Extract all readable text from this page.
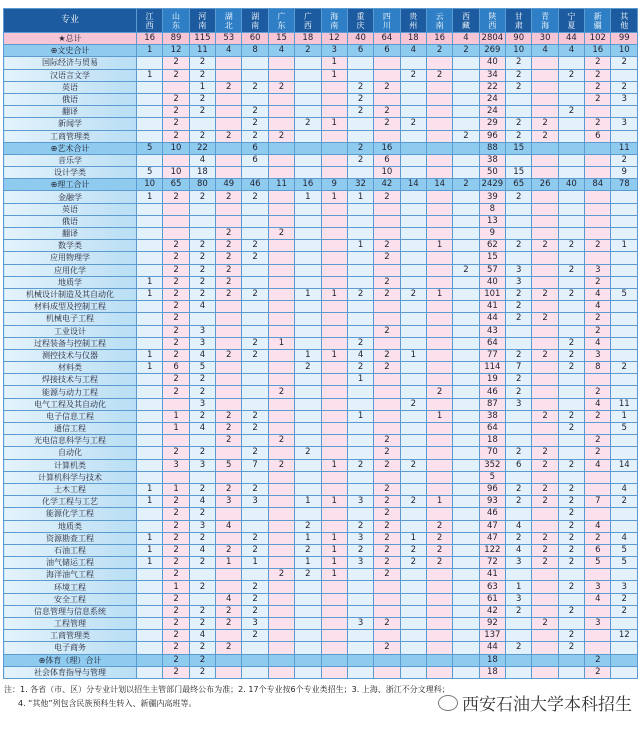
专业	江西	山东	河南	湖北	湖南	广东	广西	海南	重庆	四川	贵州	云南	西藏	陕西	甘肃	青海	宁夏	新疆	其他
★总计	16	89	115	53	60	15	18	12	40	64	18	16	4	2804	90	30	44	102	99
⊕文史合计	1	12	11	4	8	4	2	3	6	6	4	2	2	269	10	4	4	16	10
国际经济与贸易		2	2					1						40	2			2	2
汉语言文学	1	2	2					1			2	2		34	2		2	2	
英语			1	2	2	2			2	2				22	2			2	2
俄语		2	2						2					24				2	3
翻译		2	2		2				2	2				24			2		
新闻学		2			2		2	1		2	2			29	2	2		2	3
工商管理类		2	2	2	2	2							2	96	2	2		6	
⊕艺术合计	5	10	22		6				2	16				88	15				11
音乐学			4		6				2	6				38					2
设计学类	5	10	18							10				50	15				9
⊕理工合计	10	65	80	49	46	11	16	9	32	42	14	14	2	2429	65	26	40	84	78
金融学	1	2	2	2	2		1	1	1	2				39	2				
英语														8					
俄语														13					
翻译				2		2								9					
数学类		2	2	2	2				1	2		1		62	2	2	2	2	1
应用物理学		2	2	2	2					2				15					
应用化学		2	2	2									2	57	3		2	3	
地质学	1	2	2	2						2				40	3			2	
机械设计制造及其自动化	1	2	2	2	2		1	1	2	2	2	1		101	2	2	2	4	5
材料成型及控制工程		2	4											41	2			4	
机械电子工程		2												44	2	2		2	
工业设计		2	3							2				43				2	
过程装备与控制工程		2	3		2	1			2					64			2	4	
测控技术与仪器	1	2	4	2	2		1	1	4	2	1			77	2	2	2	3	
材料类	1	6	5				2		2	2				114	7		2	8	2
焊接技术与工程		2	2						1					19	2				
能源与动力工程		2	2			2						2		46	2			2	
电气工程及其自动化			3								2			87	3			4	11
电子信息工程		1	2	2	2				1			1		38		2	2	2	1
通信工程		1	4	2	2									64			2		5
光电信息科学与工程				2		2				2				18				2	
自动化		2	2		2		2			2				70	2	2		2	
计算机类		3	3	5	7	2		1	2	2	2			352	6	2	2	4	14
计算机科学与技术														5					
土木工程	1	1	2	2	2					2				96	2	2	2		4
化学工程与工艺	1	2	4	3	3		1	1	3	2	2	1		93	2	2	2	7	2
能源化学工程		2	2							2				46			2		
地质类		2	3	4			2		2	2		2		47	4		2	4	
资源勘查工程	1	2	2		2		1	1	3	2	1	2		47	2	2	2	2	4
石油工程	1	2	4	2	2		2	1	2	2	2	2		122	4	2	2	6	5
油气储运工程	1	2	2	1	1		1	1	3	2	2	2		72	3	2	2	5	5
海洋油气工程		2				2	2	1		2				41					
环境工程		1	2		2									63	1		2	3	3
安全工程		2		4	2									61	3			4	2
信息管理与信息系统		2	2	2	2									42	2		2		2
工程管理		2	2	2	3				3	2				92		2		3	
工商管理类		2	4		2									137			2		12
电子商务		2	2	2						2				44	2		2		
⊕体育（理）合计		2	2											18				2	
社会体育指导与管理		2	2											18				2	
注：1. 各省（市、区）分专业计划以招生主管部门最终公布为准；2. 17个专业按6个专业类招生；3. 上海、浙江不分文理科；
4. “其他”列包含民族预科生转入、新疆内高班等。	西安石油大学本科招生
